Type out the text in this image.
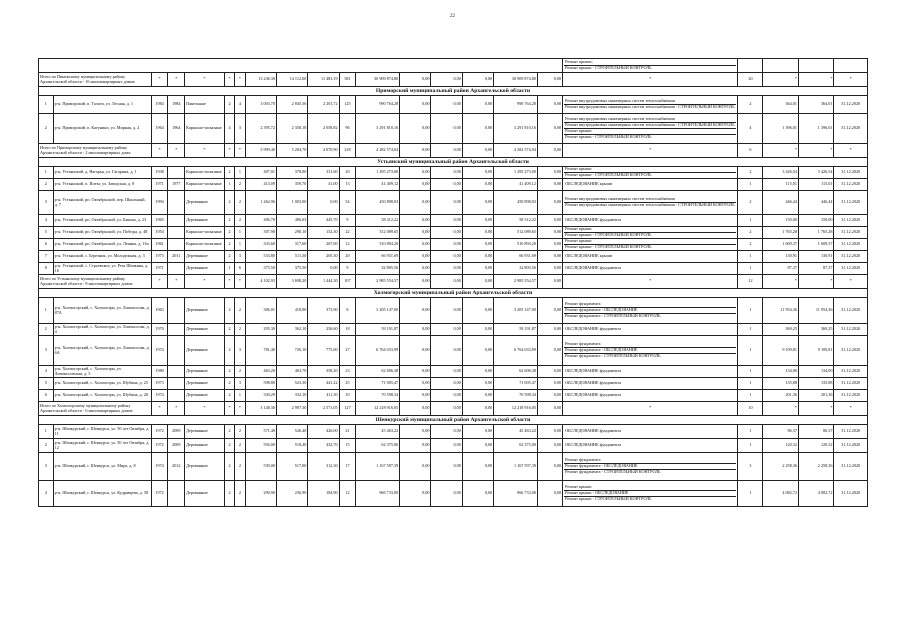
22

																	Ремонт крыши;
Ремонт крыши - СТРОИТЕЛЬНЫЙ КОНТРОЛЬ				

Итого по Пинежскому муниципальному району Архангельской области - 16 многоквартирных домов:		*	*	*	*	*	13 236,30	14 112,00	11 483,19	581	30 909 874,80	0,00	0,00	0,00	30 909 874,80	0,00	*	20	*	*	*
Приморский муниципальный район Архангельской области																					
1	р-н. Приморский, п. Талаги, ул. Лесная, д. 1	1984	1984	Панельные	2	4	3 003,70	2 845,36	2 201,72	125	990 764,28	0,00	0,00	0,00	990 764,28	0,00	Ремонт внутридомовых инженерных систем теплоснабжения
Ремонт внутридомовых инженерных систем теплоснабжения - СТРОИТЕЛЬНЫЙ КОНТРОЛЬ	2	364,01	364,01	31.12.2020
2	р-н. Приморский, п. Катунино, ул. Мирная, д. 2	1964	1964	Каркасно-засыпные	4	3	2 395,72	2 358,18	2 058,82	96	3 291 810,16	0,00	0,00	0,00	3 291 810,16	0,00	Ремонт внутридомовых инженерных систем теплоснабжения
Ремонт внутридомовых инженерных систем теплоснабжения - СТРОИТЕЛЬНЫЙ КОНТРОЛЬ
Ремонт крыши
Ремонт крыши - СТРОИТЕЛЬНЫЙ КОНТРОЛЬ	4	1 396,01	1 396,01	31.12.2020
Итого по Приморскому муниципальному району Архангельской области - 2 многоквартирных дома:		*	*	*	*	*	5 999,40	5 204,70	4 070,90	218	4 282 574,04	0,00	0,00	0,00	4 282 574,04	0,00	*	6	*	*	*
Устьянский муниципальный район Архангельской области																					
1	р-н. Устьянский, д. Нагорья, ул. Гагарина, д. 1	1938		Каркасно-засыпные	2	1	407,01	378,00	331,60	20	1 295 273,00	0,00	0,00	0,00	1 295 273,00	0,00	Ремонт крыши
Ремонт крыши - СТРОИТЕЛЬНЫЙ КОНТРОЛЬ	2	3 426,54	3 426,54	31.12.2020
2	р-н. Устьянский, п. Илеза, ул. Заводская, д. 8	1971	1977	Каркасно-засыпные	1	2	413,09	359,70	41,00	13	41 409,12	0,00	0,00	0,00	41 409,12	0,00	ОБСЛЕДОВАНИЕ крыши	1	115,01	115,01	31.12.2020
3	р-н. Устьянский, рп. Октябрьский, пер. Школьный, д. 7	1994		Деревянные	2	2	1 262,96	1 003,00	0,00	54	450 898,03	0,00	0,00	0,00	450 898,03	0,00	Ремонт внутридомовых инженерных систем теплоснабжения
Ремонт внутридомовых инженерных систем теплоснабжения - СТРОИТЕЛЬНЫЙ КОНТРОЛЬ	2	446,44	446,44	31.12.2020
4	р-н. Устьянский, рп. Октябрьский, ул. Бакина, д. 23	1965		Деревянные	2	2	406,70	406,63	445,70	9	58 312,22	0,00	0,00	0,00	58 312,22	0,00	ОБСЛЕДОВАНИЕ фундамента	1	150,00	150,00	31.12.2020
5	р-н. Устьянский, рп. Октябрьский, ул. Победы, д. 48	1954		Каркасно-засыпные	2	1	307,90	290,10	152,30	22	512 089,65	0,00	0,00	0,00	512 089,65	0,00	Ремонт крыши
Ремонт крыши - СТРОИТЕЛЬНЫЙ КОНТРОЛЬ	2	1 765,28	1 765,28	31.12.2020
6	р-н. Устьянский, рп. Октябрьский, ул. Ленина, д. 16а	1961		Каркасно-засыпные	2	1	333,60	317,60	267,00	12	510 894,20	0,00	0,00	0,00	510 894,20	0,00	Ремонт крыши
Ремонт крыши - СТРОИТЕЛЬНЫЙ КОНТРОЛЬ	2	1 609,37	1 609,37	31.12.2020
7	р-н. Устьянский, с. Березник, ул. Молодежная, д. 3	1973	2011	Деревянные	2	3	533,80	511,30	205,30	20	66 931,69	0,00	0,00	0,00	66 931,69	0,00	ОБСЛЕДОВАНИЕ крыши	1	130,91	130,91	31.12.2020
8	р-н. Устьянский, с. Строевское, ул. Реза Шенкина, д. 16	1971		Деревянные	1	6	375,50	375,50	0,00	9	32 805,56	0,00	0,00	0,00	32 805,56	0,00	ОБСЛЕДОВАНИЕ фундамента	1	87,37	87,37	31.12.2020
Итого по Устьянскому муниципальному району Архангельской области - 8 многоквартирных домов:		*	*	*	*	*	4 102,93	3 698,20	1 444,30	107	2 985 554,57	0,00	0,00	0,00	2 985 554,57	0,00	*	12	*	*	*
Холмогорский муниципальный район Архангельской области																					
1	р-н. Холмогорский, с. Холмогоры, ул. Ломоносова, д. 87А	1963		Деревянные	2	2	306,01	418,00	373,90	8	3 205 147,00	0,00	0,00	0,00	3 205 147,00	0,00	Ремонт фундамента
Ремонт фундамента - ОБСЛЕДОВАНИЕ
Ремонт фундамента - СТРОИТЕЛЬНЫЙ КОНТРОЛЬ	1	11 954,36	11 954,36	31.12.2020
2	р-н. Холмогорский, с. Холмогоры, ул. Ломоносова, д. 4	1970		Деревянные	2	2	295,30	362,10	256,60	18	59 191,87	0,00	0,00	0,00	59 191,87	0,00	ОБСЛЕДОВАНИЕ фундамента	1	369,25	369,25	31.12.2020
3	р-н. Холмогорский, с. Холмогоры, ул. Ломоносова, д. 6А	1974		Деревянные	2	3	781,40	726,10	775,00	27	6 764 033,99	0,00	0,00	0,00	6 764 033,99	0,00	Ремонт фундамента
Ремонт фундамента - ОБСЛЕДОВАНИЕ
Ремонт фундамента - СТРОИТЕЛЬНЫЙ КОНТРОЛЬ	1	9 109,81	9 109,81	31.12.2020
4	р-н. Холмогорский, с. Холмогоры, ул. Ломоносовская, д. 5	1980		Деревянные	2	2	463,20	463,70	358,20	23	62 606,38	0,00	0,00	0,00	62 606,38	0,00	ОБСЛЕДОВАНИЕ фундамента	1	134,00	134,00	31.12.2020
5	р-н. Холмогорский, с. Холмогоры, ул. Шубина, д. 25	1973		Деревянные	2	3	598,80	523,30	441,22	25	71 005,47	0,00	0,00	0,00	71 005,47	0,00	ОБСЛЕДОВАНИЕ фундамента	1	135,88	135,88	31.12.2020
6	р-н. Холмогорский, с. Холмогоры, ул. Шубина, д. 28	1974		Деревянные	2	1	330,29	332,10	411,30	10	70 598,34	0,00	0,00	0,00	70 598,34	0,00	ОБСЛЕДОВАНИЕ фундамента	1	201,36	201,36	31.12.2020
Итого по Холмогорскому муниципальному району Архангельской области - 6 многоквартирных домов:		*	*	*	*	*	3 148,30	2 997,30	2 571,05	127	12 218 916,05	0,00	0,00	0,00	12 218 916,05	0,00	*	10	*	*	*
Шенкурский муниципальный район Архангельской области																					
1	р-н. Шенкурский, г. Шенкурск, ул. 50 лет Октября, д. 11	1972	2009	Деревянные	2	2	571,40	526,40	426,00	21	45 463,22	0,00	0,00	0,00	45 463,22	0,00	ОБСЛЕДОВАНИЕ фундамента	1	86,37	86,37	31.12.2020
2	р-н. Шенкурский, г. Шенкурск, ул. 50 лет Октября, д. 12	1972	2009	Деревянные	2	2	592,00	518,40	432,70	15	62 375,00	0,00	0,00	0,00	62 375,00	0,00	ОБСЛЕДОВАНИЕ фундамента	1	120,32	120,32	31.12.2020
3	р-н. Шенкурский, г. Шенкурск, ул. Мира, д. 8	1974	2012	Деревянные	2	2	539,00	517,00	312,30	17	1 167 597,39	0,00	0,00	0,00	1 167 597,39	0,00	Ремонт фундамента
Ремонт фундамента - ОБСЛЕДОВАНИЕ
Ремонт фундамента - СТРОИТЕЛЬНЫЙ КОНТРОЛЬ	3	2 258,36	2 258,36	31.12.2020
4	р-н. Шенкурский, г. Шенкурск, ул. Кудрявцева, д. 38	1972		Деревянные	2	2	290,90	236,90	184,90	12	966 733,00	0,00	0,00	0,00	966 733,00	0,00	Ремонт крыши
Ремонт крыши - ОБСЛЕДОВАНИЕ
Ремонт крыши - СТРОИТЕЛЬНЫЙ КОНТРОЛЬ	1	4 082,72	4 082,72	31.12.2020
